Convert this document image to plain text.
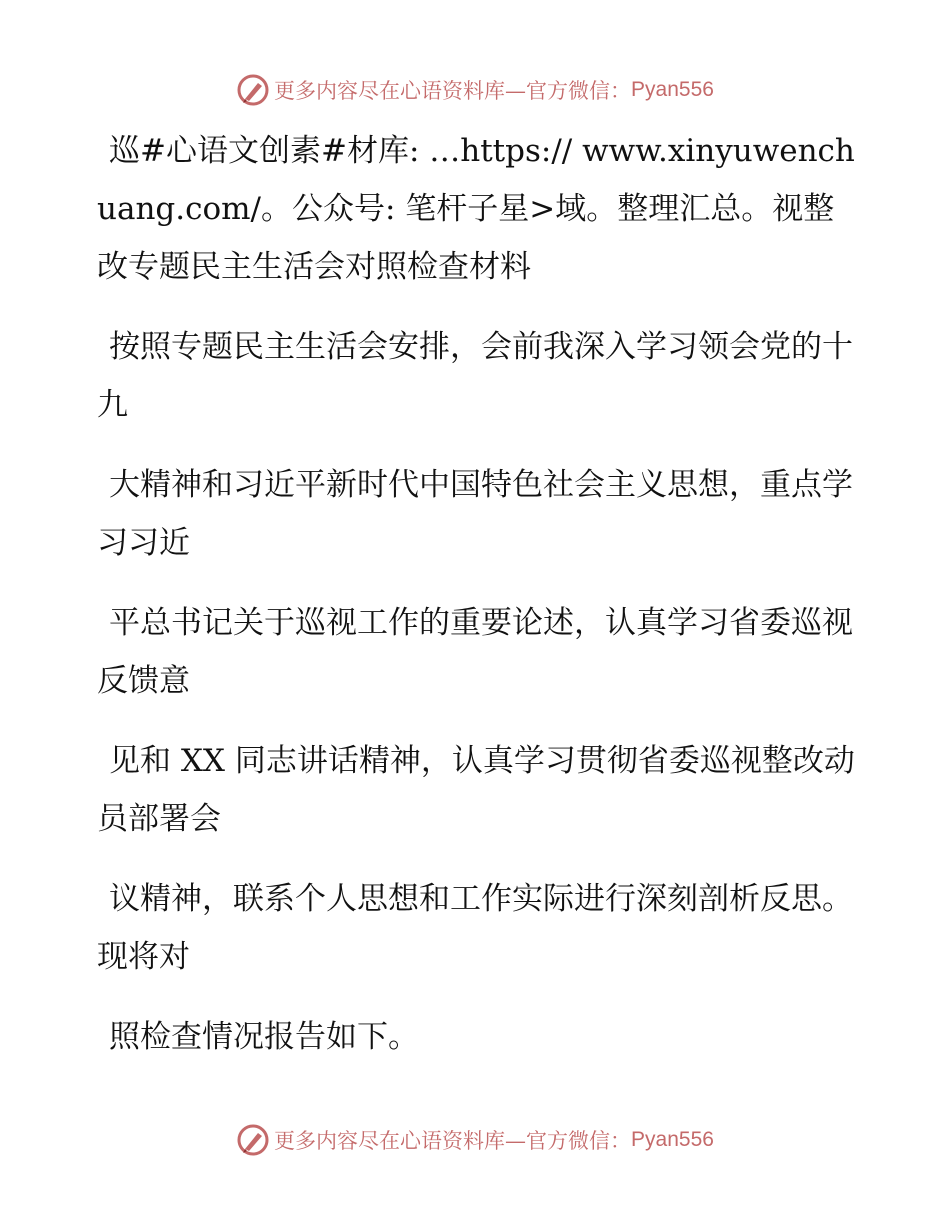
更多内容尽在心语资料库—官方微信： Pyan556

巡#心语文创素#材库: …https:// www.xinyuwenchuang.com/。公众号: 笔杆子星>域。整理汇总。视整改专题民主生活会对照检查材料

按照专题民主生活会安排，会前我深入学习领会党的十九

大精神和习近平新时代中国特色社会主义思想，重点学习习近

平总书记关于巡视工作的重要论述，认真学习省委巡视反馈意

见和 XX 同志讲话精神，认真学习贯彻省委巡视整改动员部署会

议精神，联系个人思想和工作实际进行深刻剖析反思。现将对

照检查情况报告如下。

更多内容尽在心语资料库—官方微信： Pyan556
